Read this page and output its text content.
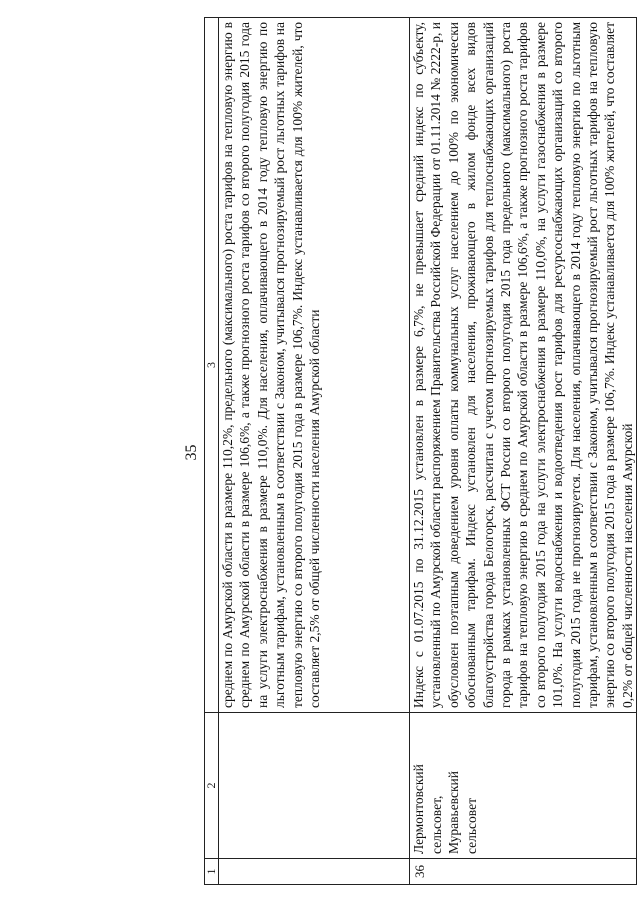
35
1	2	3
		среднем по Амурской области в размере 110,2%, предельного (максимального) роста тарифов на тепловую энергию в среднем по Амурской области в размере 106,6%, а также прогнозного роста тарифов со второго полугодия 2015 года на услуги электроснабжения в размере 110,0%. Для населения, оплачивающего в 2014 году тепловую энергию по льготным тарифам, установленным в соответствии с Законом, учитывался прогнозируемый рост льготных тарифов на тепловую энергию со второго полугодия 2015 года в размере 106,7%. Индекс устанавливается для 100% жителей, что составляет 2,5% от общей численности населения Амурской области
36	Лермонтовский сельсовет, Муравьевский сельсовет	Индекс с 01.07.2015 по 31.12.2015 установлен в размере 6,7%, не превышает средний индекс по субъекту, установленный по Амурской области распоряжением Правительства Российской Федерации от 01.11.2014 № 2222-р, и обусловлен поэтапным доведением уровня оплаты коммунальных услуг населением до 100% по экономически обоснованным тарифам. Индекс установлен для населения, проживающего в жилом фонде всех видов благоустройства города Белогорск, рассчитан с учетом прогнозируемых тарифов для теплоснабжающих организаций города в рамках установленных ФСТ России со второго полугодия 2015 года предельного (максимального) роста тарифов на тепловую энергию в среднем по Амурской области в размере 106,6%, а также прогнозного роста тарифов со второго полугодия 2015 года на услуги электроснабжения в размере 110,0%, на услуги газоснабжения в размере 101,0%. На услуги водоснабжения и водоотведения рост тарифов для ресурсоснабжающих организаций со второго полугодия 2015 года не прогнозируется. Для населения, оплачивающего в 2014 году тепловую энергию по льготным тарифам, установленным в соответствии с Законом, учитывался прогнозируемый рост льготных тарифов на тепловую энергию со второго полугодия 2015 года в размере 106,7%. Индекс устанавливается для 100% жителей, что составляет 0,2% от общей численности населения Амурской
